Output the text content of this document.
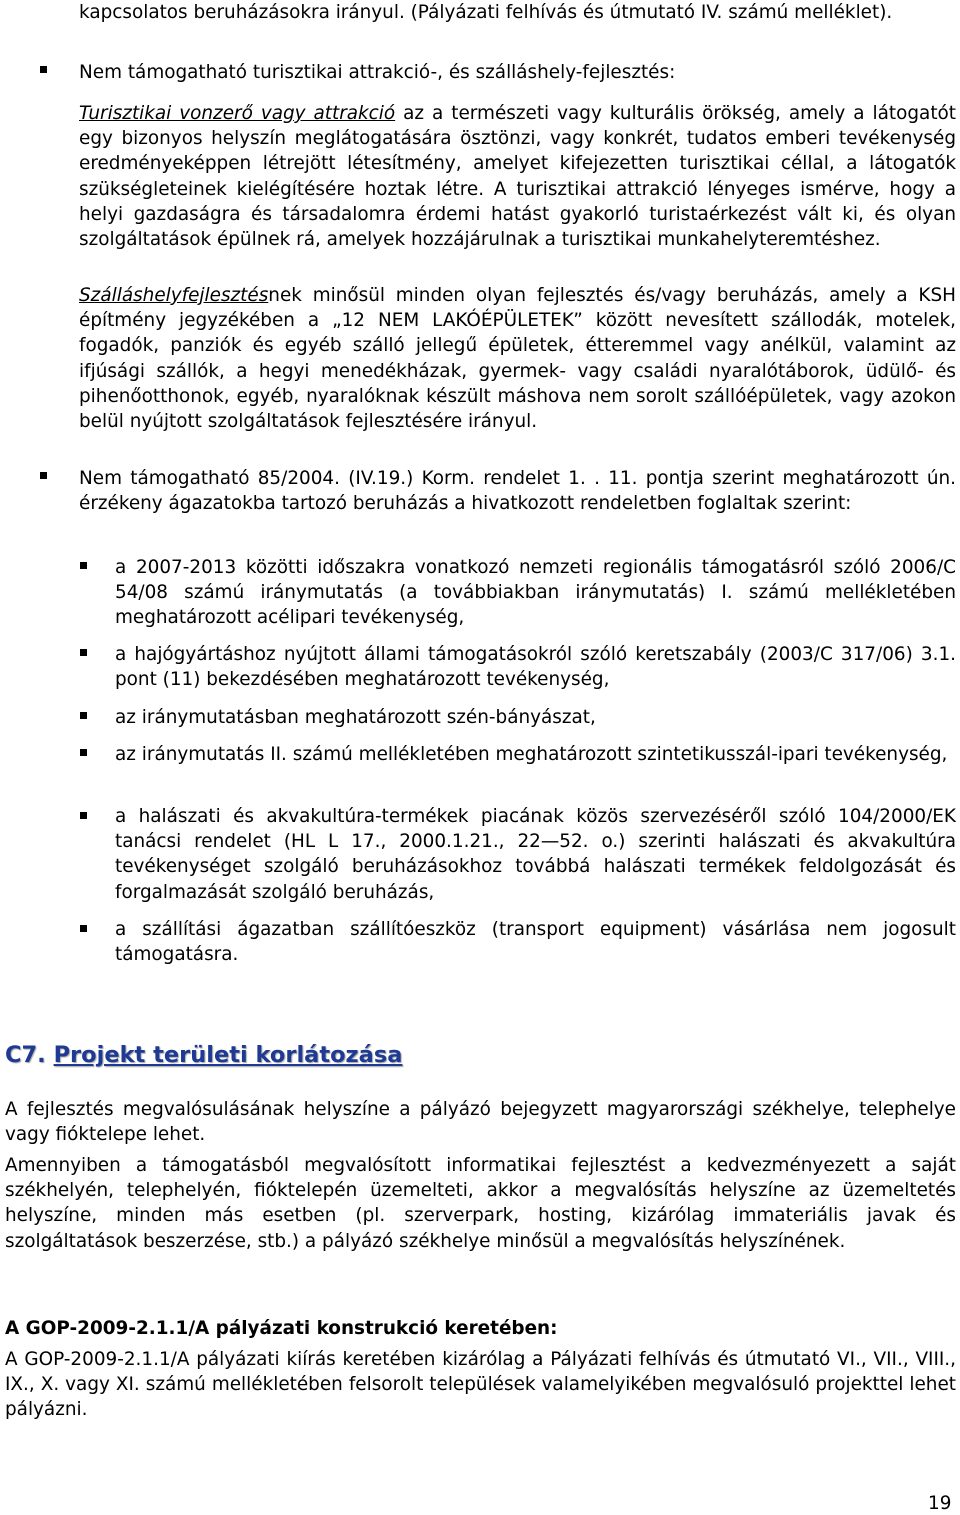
kapcsolatos beruházásokra irányul. (Pályázati felhívás és útmutató IV. számú melléklet).
Nem támogatható turisztikai attrakció-, és szálláshely-fejlesztés:
Turisztikai vonzerő vagy attrakció az a természeti vagy kulturális örökség, amely a látogatót egy bizonyos helyszín meglátogatására ösztönzi, vagy konkrét, tudatos emberi tevékenység eredményeképpen létrejött létesítmény, amelyet kifejezetten turisztikai céllal, a látogatók szükségleteinek kielégítésére hoztak létre. A turisztikai attrakció lényeges ismérve, hogy a helyi gazdaságra és társadalomra érdemi hatást gyakorló turistaérkezést vált ki, és olyan szolgáltatások épülnek rá, amelyek hozzájárulnak a turisztikai munkahelyteremtéshez.
Szálláshelyfejlesztésnek minősül minden olyan fejlesztés és/vagy beruházás, amely a KSH építmény jegyzékében a „12 NEM LAKÓÉPÜLETEK” között nevesített szállodák, motelek, fogadók, panziók és egyéb szálló jellegű épületek, étteremmel vagy anélkül, valamint az ifjúsági szállók, a hegyi menedékházak, gyermek- vagy családi nyaralótáborok, üdülő- és pihenőotthonok, egyéb, nyaralóknak készült máshova nem sorolt szállóépületek, vagy azokon belül nyújtott szolgáltatások fejlesztésére irányul.
Nem támogatható 85/2004. (IV.19.) Korm. rendelet 1. . 11. pontja szerint meghatározott ún. érzékeny ágazatokba tartozó beruházás a hivatkozott rendeletben foglaltak szerint:
a 2007-2013 közötti időszakra vonatkozó nemzeti regionális támogatásról szóló 2006/C 54/08 számú iránymutatás (a továbbiakban iránymutatás) I. számú mellékletében meghatározott acélipari tevékenység,
a hajógyártáshoz nyújtott állami támogatásokról szóló keretszabály (2003/C 317/06) 3.1. pont (11) bekezdésében meghatározott tevékenység,
az iránymutatásban meghatározott szén-bányászat,
az iránymutatás II. számú mellékletében meghatározott szintetikusszál-ipari tevékenység,
a halászati és akvakultúra-termékek piacának közös szervezéséről szóló 104/2000/EK tanácsi rendelet (HL L 17., 2000.1.21., 22—52. o.) szerinti halászati és akvakultúra tevékenységet szolgáló beruházásokhoz továbbá halászati termékek feldolgozását és forgalmazását szolgáló beruházás,
a szállítási ágazatban szállítóeszköz (transport equipment) vásárlása nem jogosult támogatásra.
C7. Projekt területi korlátozása
A fejlesztés megvalósulásának helyszíne a pályázó bejegyzett magyarországi székhelye, telephelye vagy fióktelepe lehet.
Amennyiben a támogatásból megvalósított informatikai fejlesztést a kedvezményezett a saját székhelyén, telephelyén, fióktelepén üzemelteti, akkor a megvalósítás helyszíne az üzemeltetés helyszíne, minden más esetben (pl. szerverpark, hosting, kizárólag immateriális javak és szolgáltatások beszerzése, stb.) a pályázó székhelye minősül a megvalósítás helyszínének.
A GOP-2009-2.1.1/A pályázati konstrukció keretében:
A GOP-2009-2.1.1/A pályázati kiírás keretében kizárólag a Pályázati felhívás és útmutató VI., VII., VIII., IX., X. vagy XI. számú mellékletében felsorolt települések valamelyikében megvalósuló projekttel lehet pályázni.
19
